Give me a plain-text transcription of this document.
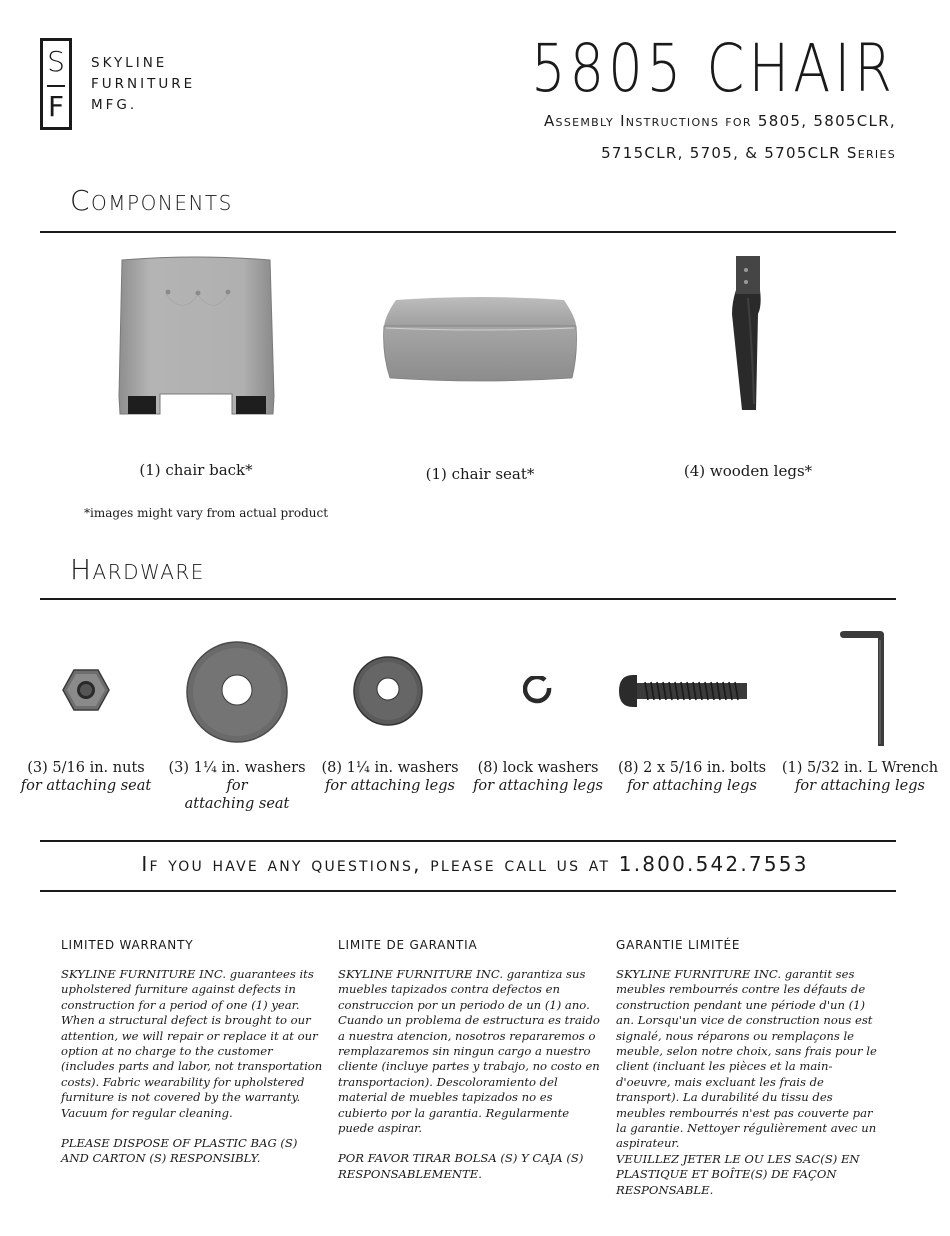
S
F
SKYLINE
FURNITURE
MFG.	5805 CHAIR
Assembly Instructions for 5805, 5805CLR,
5715CLR, 5705, & 5705CLR Series
Components
(1) chair back*	(1) chair seat*	(4) wooden legs*
*images might vary from actual product
Hardware
(3) 5/16 in. nuts
for attaching seat
(3) 1¼ in. washers for
attaching seat
(8) 1¼ in. washers
for attaching legs
(8) lock washers
for attaching legs
(8) 2 x 5/16 in. bolts
for attaching legs
(1) 5/32 in. L Wrench
for attaching legs
If you have any questions, please call us at 1.800.542.7553
LIMITED WARRANTY

SKYLINE FURNITURE INC. guarantees its upholstered furniture against defects in construction for a period of one (1) year. When a structural defect is brought to our attention, we will repair or replace it at our option at no charge to the customer (includes parts and labor, not transportation costs). Fabric wearability for upholstered furniture is not covered by the warranty. Vacuum for regular cleaning.

PLEASE DISPOSE OF PLASTIC BAG (S) AND CARTON (S) RESPONSIBLY.

LIMITE DE GARANTIA

SKYLINE FURNITURE INC. garantiza sus muebles tapizados contra defectos en construccion por un periodo de un (1) ano. Cuando un problema de estructura es traido a nuestra atencion, nosotros repararemos o remplazaremos sin ningun cargo a nuestro cliente (incluye partes y trabajo, no costo en transportacion). Descoloramiento del material de muebles tapizados no es cubierto por la garantia. Regularmente puede aspirar.

POR FAVOR TIRAR BOLSA (S) Y CAJA (S) RESPONSABLEMENTE.

GARANTIE LIMITÉE

SKYLINE FURNITURE INC. garantit ses meubles rembourrés contre les défauts de construction pendant une période d'un (1) an. Lorsqu'un vice de construction nous est signalé, nous réparons ou remplaçons le meuble, selon notre choix, sans frais pour le client (incluant les pièces et la main-d'oeuvre, mais excluant les frais de transport). La durabilité du tissu des meubles rembourrés n'est pas couverte par la garantie. Nettoyer régulièrement avec un aspirateur.

VEUILLEZ JETER LE OU LES SAC(S) EN PLASTIQUE ET BOÎTE(S) DE FAÇON RESPONSABLE.
